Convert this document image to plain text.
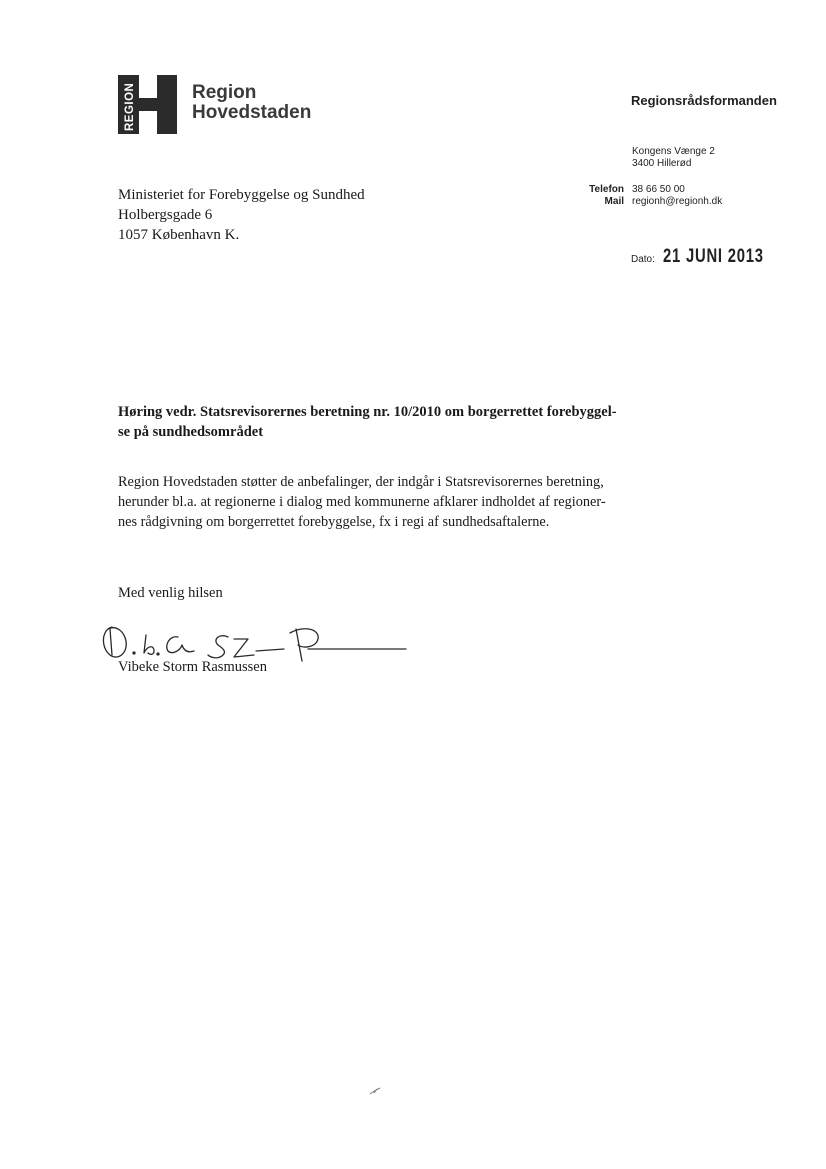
REGION	Region
Hovedstaden
Regionsrådsformanden
Kongens Vænge 2
3400 Hillerød
Telefon 38 66 50 00
Mail regionh@regionh.dk
Dato: 21 JUNI 2013
Ministeriet for Forebyggelse og Sundhed
Holbergsgade 6
1057 København K.
Høring vedr. Statsrevisorernes beretning nr. 10/2010 om borgerrettet forebyggel-
se på sundhedsområdet
Region Hovedstaden støtter de anbefalinger, der indgår i Statsrevisorernes beretning,
herunder bl.a. at regionerne i dialog med kommunerne afklarer indholdet af regioner-
nes rådgivning om borgerrettet forebyggelse, fx i regi af sundhedsaftalerne.
Med venlig hilsen
Vibeke Storm Rasmussen
